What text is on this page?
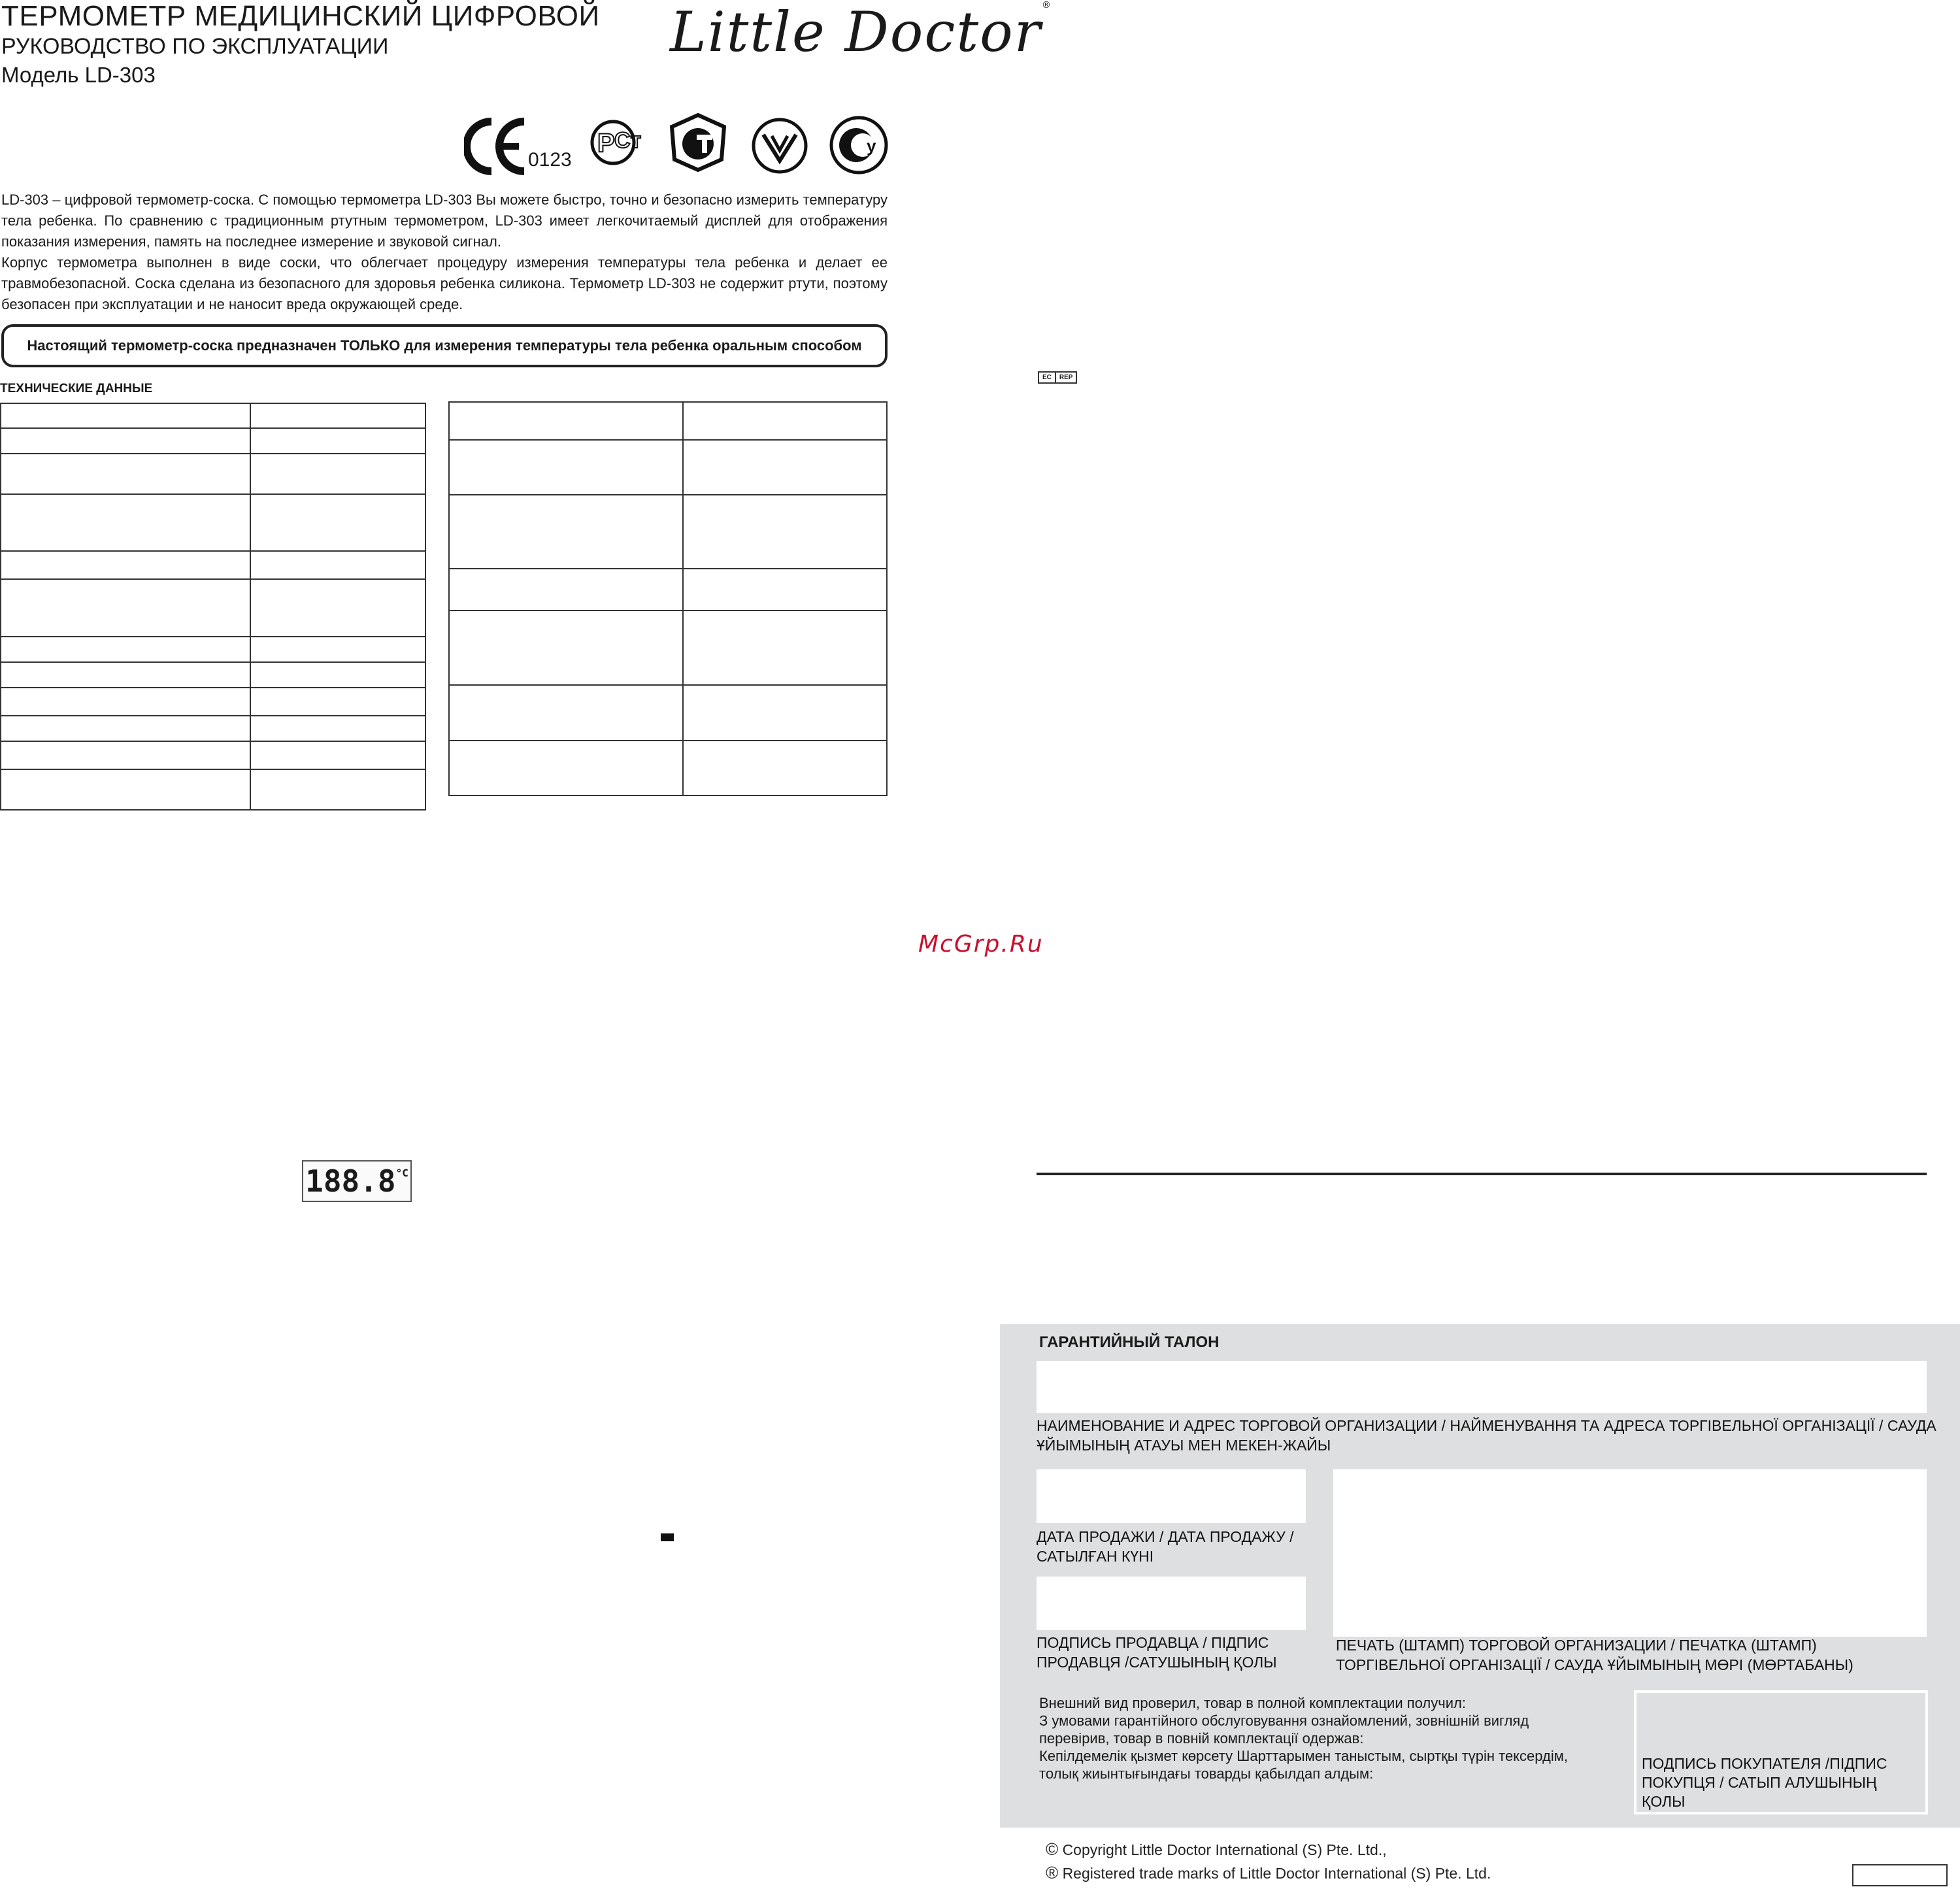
ТЕРМОМЕТР МЕДИЦИНСКИЙ ЦИФРОВОЙ
РУКОВОДСТВО ПО ЭКСПЛУАТАЦИИ
Модель LD-303
Little Doctor®
0123
Р Ст	у
LD-303 – цифровой термометр-соска. С помощью термометра LD-303 Вы можете быстро, точно и безопасно измерить температуру тела ребенка. По сравнению с традиционным ртутным термометром, LD-303 имеет легкочитаемый дисплей для отображения показания измерения, память на последнее измерение и звуковой сигнал.
Корпус термометра выполнен в виде соски, что облегчает процедуру измерения температуры тела ребенка и делает ее травмобезопасной. Соска сделана из безопасного для здоровья ребенка силикона. Термометр LD-303 не содержит ртути, поэтому безопасен при эксплуатации и не наносит вреда окружающей среде.
Настоящий термометр-соска предназначен ТОЛЬКО для измерения температуры тела ребенка оральным способом
ТЕХНИЧЕСКИЕ ДАННЫЕ

188.8 °C
EC	REP
McGrp.Ru
ГАРАНТИЙНЫЙ ТАЛОН
НАИМЕНОВАНИЕ И АДРЕС ТОРГОВОЙ ОРГАНИЗАЦИИ / НАЙМЕНУВАННЯ ТА АДРЕСА ТОРГІВЕЛЬНОЇ ОРГАНІЗАЦІЇ / САУДА ҰЙЫМЫНЫҢ АТАУЫ МЕН МЕКЕН-ЖАЙЫ
ДАТА ПРОДАЖИ / ДАТА ПРОДАЖУ / САТЫЛҒАН КҮНІ
ПОДПИСЬ ПРОДАВЦА / ПІДПИС ПРОДАВЦЯ /САТУШЫНЫҢ ҚОЛЫ
ПЕЧАТЬ (ШТАМП) ТОРГОВОЙ ОРГАНИЗАЦИИ / ПЕЧАТКА (ШТАМП) ТОРГІВЕЛЬНОЇ ОРГАНІЗАЦІЇ / САУДА ҰЙЫМЫНЫҢ МӨРІ (МӨРТАБАНЫ)
Внешний вид проверил, товар в полной комплектации получил:
З умовами гарантійного обслуговування ознайомлений, зовнішній вигляд
перевірив, товар в повній комплектації одержав:
Кепілдемелік қызмет көрсету Шарттарымен таныстым, сыртқы түрін тексердім,
толық жиынтығындағы товарды қабылдап алдым:
ПОДПИСЬ ПОКУПАТЕЛЯ /ПІДПИС ПОКУПЦЯ / САТЫП АЛУШЫНЫҢ ҚОЛЫ
© Copyright Little Doctor International (S) Pte. Ltd.,
® Registered trade marks of Little Doctor International (S) Pte. Ltd.
